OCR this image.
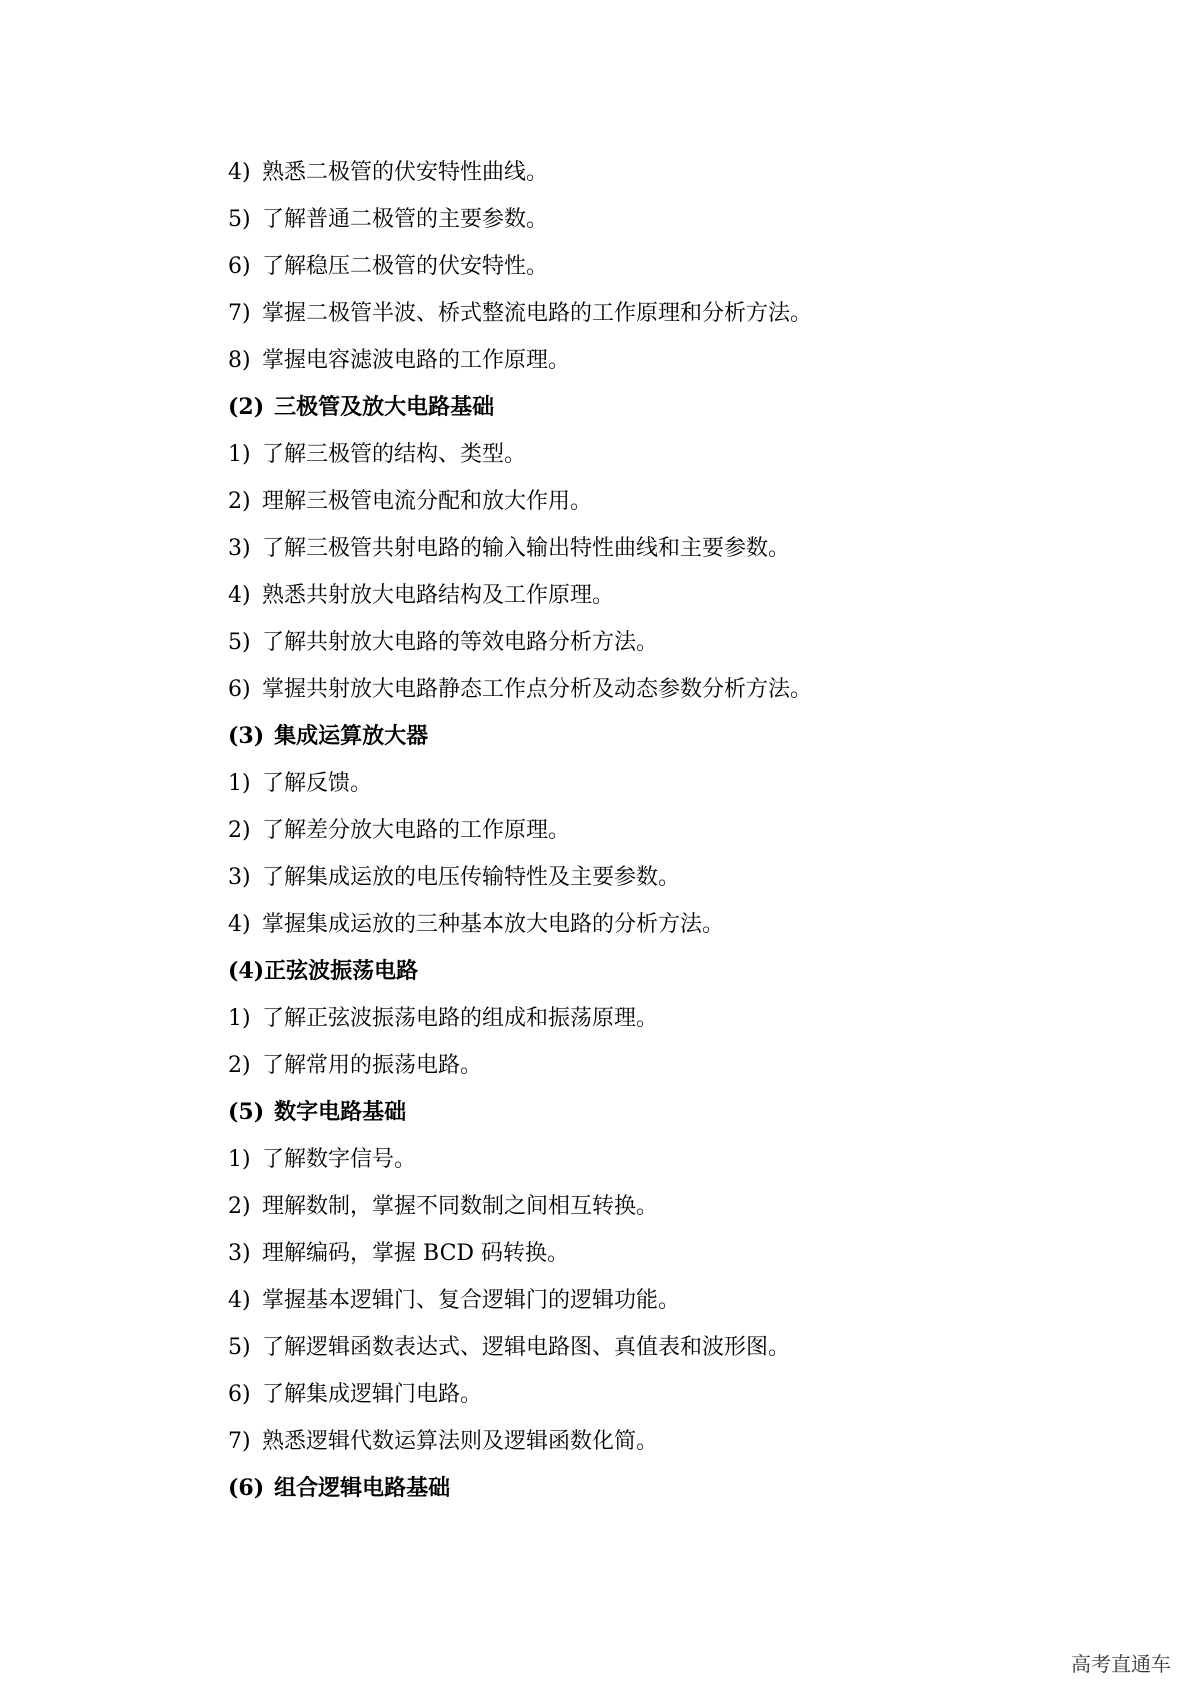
4) 熟悉二极管的伏安特性曲线。
5) 了解普通二极管的主要参数。
6) 了解稳压二极管的伏安特性。
7) 掌握二极管半波、桥式整流电路的工作原理和分析方法。
8) 掌握电容滤波电路的工作原理。
(2) 三极管及放大电路基础
1) 了解三极管的结构、类型。
2) 理解三极管电流分配和放大作用。
3) 了解三极管共射电路的输入输出特性曲线和主要参数。
4) 熟悉共射放大电路结构及工作原理。
5) 了解共射放大电路的等效电路分析方法。
6) 掌握共射放大电路静态工作点分析及动态参数分析方法。
(3) 集成运算放大器
1) 了解反馈。
2) 了解差分放大电路的工作原理。
3) 了解集成运放的电压传输特性及主要参数。
4) 掌握集成运放的三种基本放大电路的分析方法。
(4)正弦波振荡电路
1) 了解正弦波振荡电路的组成和振荡原理。
2) 了解常用的振荡电路。
(5) 数字电路基础
1) 了解数字信号。
2) 理解数制，掌握不同数制之间相互转换。
3) 理解编码，掌握 BCD 码转换。
4) 掌握基本逻辑门、复合逻辑门的逻辑功能。
5) 了解逻辑函数表达式、逻辑电路图、真值表和波形图。
6) 了解集成逻辑门电路。
7) 熟悉逻辑代数运算法则及逻辑函数化简。
(6) 组合逻辑电路基础
高考直通车
